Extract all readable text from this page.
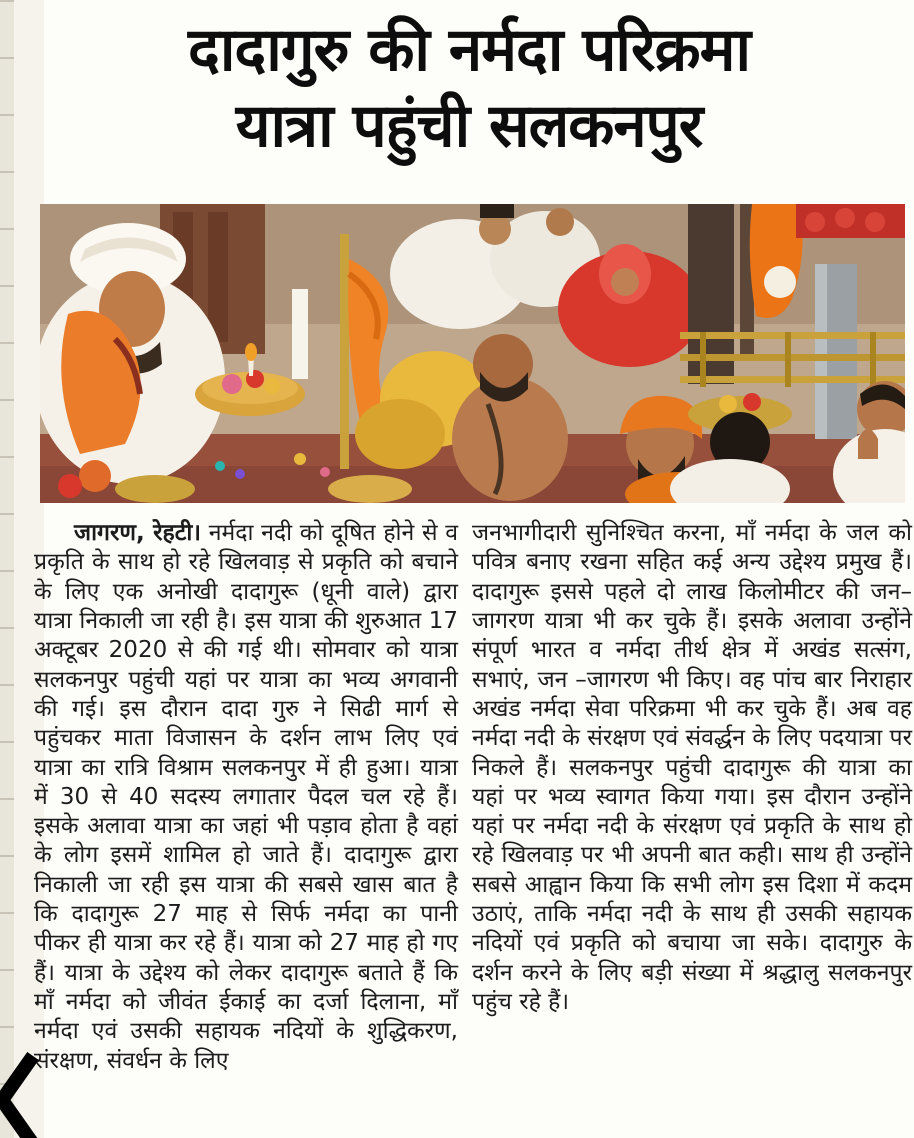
दादागुरु की नर्मदा परिक्रमा
यात्रा पहुंची सलकनपुर
जागरण, रेहटी। नर्मदा नदी को दूषित होने से व प्रकृति के साथ हो रहे खिलवाड़ से प्रकृति को बचाने के लिए एक अनोखी दादागुरू (धूनी वाले) द्वारा यात्रा निकाली जा रही है। इस यात्रा की शुरुआत 17 अक्टूबर 2020 से की गई थी। सोमवार को यात्रा सलकनपुर पहुंची यहां पर यात्रा का भव्य अगवानी की गई। इस दौरान दादा गुरु ने सिढी मार्ग से पहुंचकर माता विजासन के दर्शन लाभ लिए एवं यात्रा का रात्रि विश्राम सलकनपुर में ही हुआ। यात्रा में 30 से 40 सदस्य लगातार पैदल चल रहे हैं। इसके अलावा यात्रा का जहां भी पड़ाव होता है वहां के लोग इसमें शामिल हो जाते हैं। दादागुरू द्वारा निकाली जा रही इस यात्रा की सबसे खास बात है कि दादागुरू 27 माह से सिर्फ नर्मदा का पानी पीकर ही यात्रा कर रहे हैं। यात्रा को 27 माह हो गए हैं। यात्रा के उद्देश्य को लेकर दादागुरू बताते हैं कि माँ नर्मदा को जीवंत ईकाई का दर्जा दिलाना, माँ नर्मदा एवं उसकी सहायक नदियों के शुद्धिकरण, संरक्षण, संवर्धन के लिए
जनभागीदारी सुनिश्चित करना, माँ नर्मदा के जल को पवित्र बनाए रखना सहित कई अन्य उद्देश्य प्रमुख हैं। दादागुरू इससे पहले दो लाख किलोमीटर की जन–जागरण यात्रा भी कर चुके हैं। इसके अलावा उन्होंने संपूर्ण भारत व नर्मदा तीर्थ क्षेत्र में अखंड सत्संग, सभाएं, जन –जागरण भी किए। वह पांच बार निराहार अखंड नर्मदा सेवा परिक्रमा भी कर चुके हैं। अब वह नर्मदा नदी के संरक्षण एवं संवर्द्धन के लिए पदयात्रा पर निकले हैं। सलकनपुर पहुंची दादागुरू की यात्रा का यहां पर भव्य स्वागत किया गया। इस दौरान उन्होंने यहां पर नर्मदा नदी के संरक्षण एवं प्रकृति के साथ हो रहे खिलवाड़ पर भी अपनी बात कही। साथ ही उन्होंने सबसे आह्वान किया कि सभी लोग इस दिशा में कदम उठाएं, ताकि नर्मदा नदी के साथ ही उसकी सहायक नदियों एवं प्रकृति को बचाया जा सके। दादागुरु के दर्शन करने के लिए बड़ी संख्या में श्रद्धालु सलकनपुर पहुंच रहे हैं।
